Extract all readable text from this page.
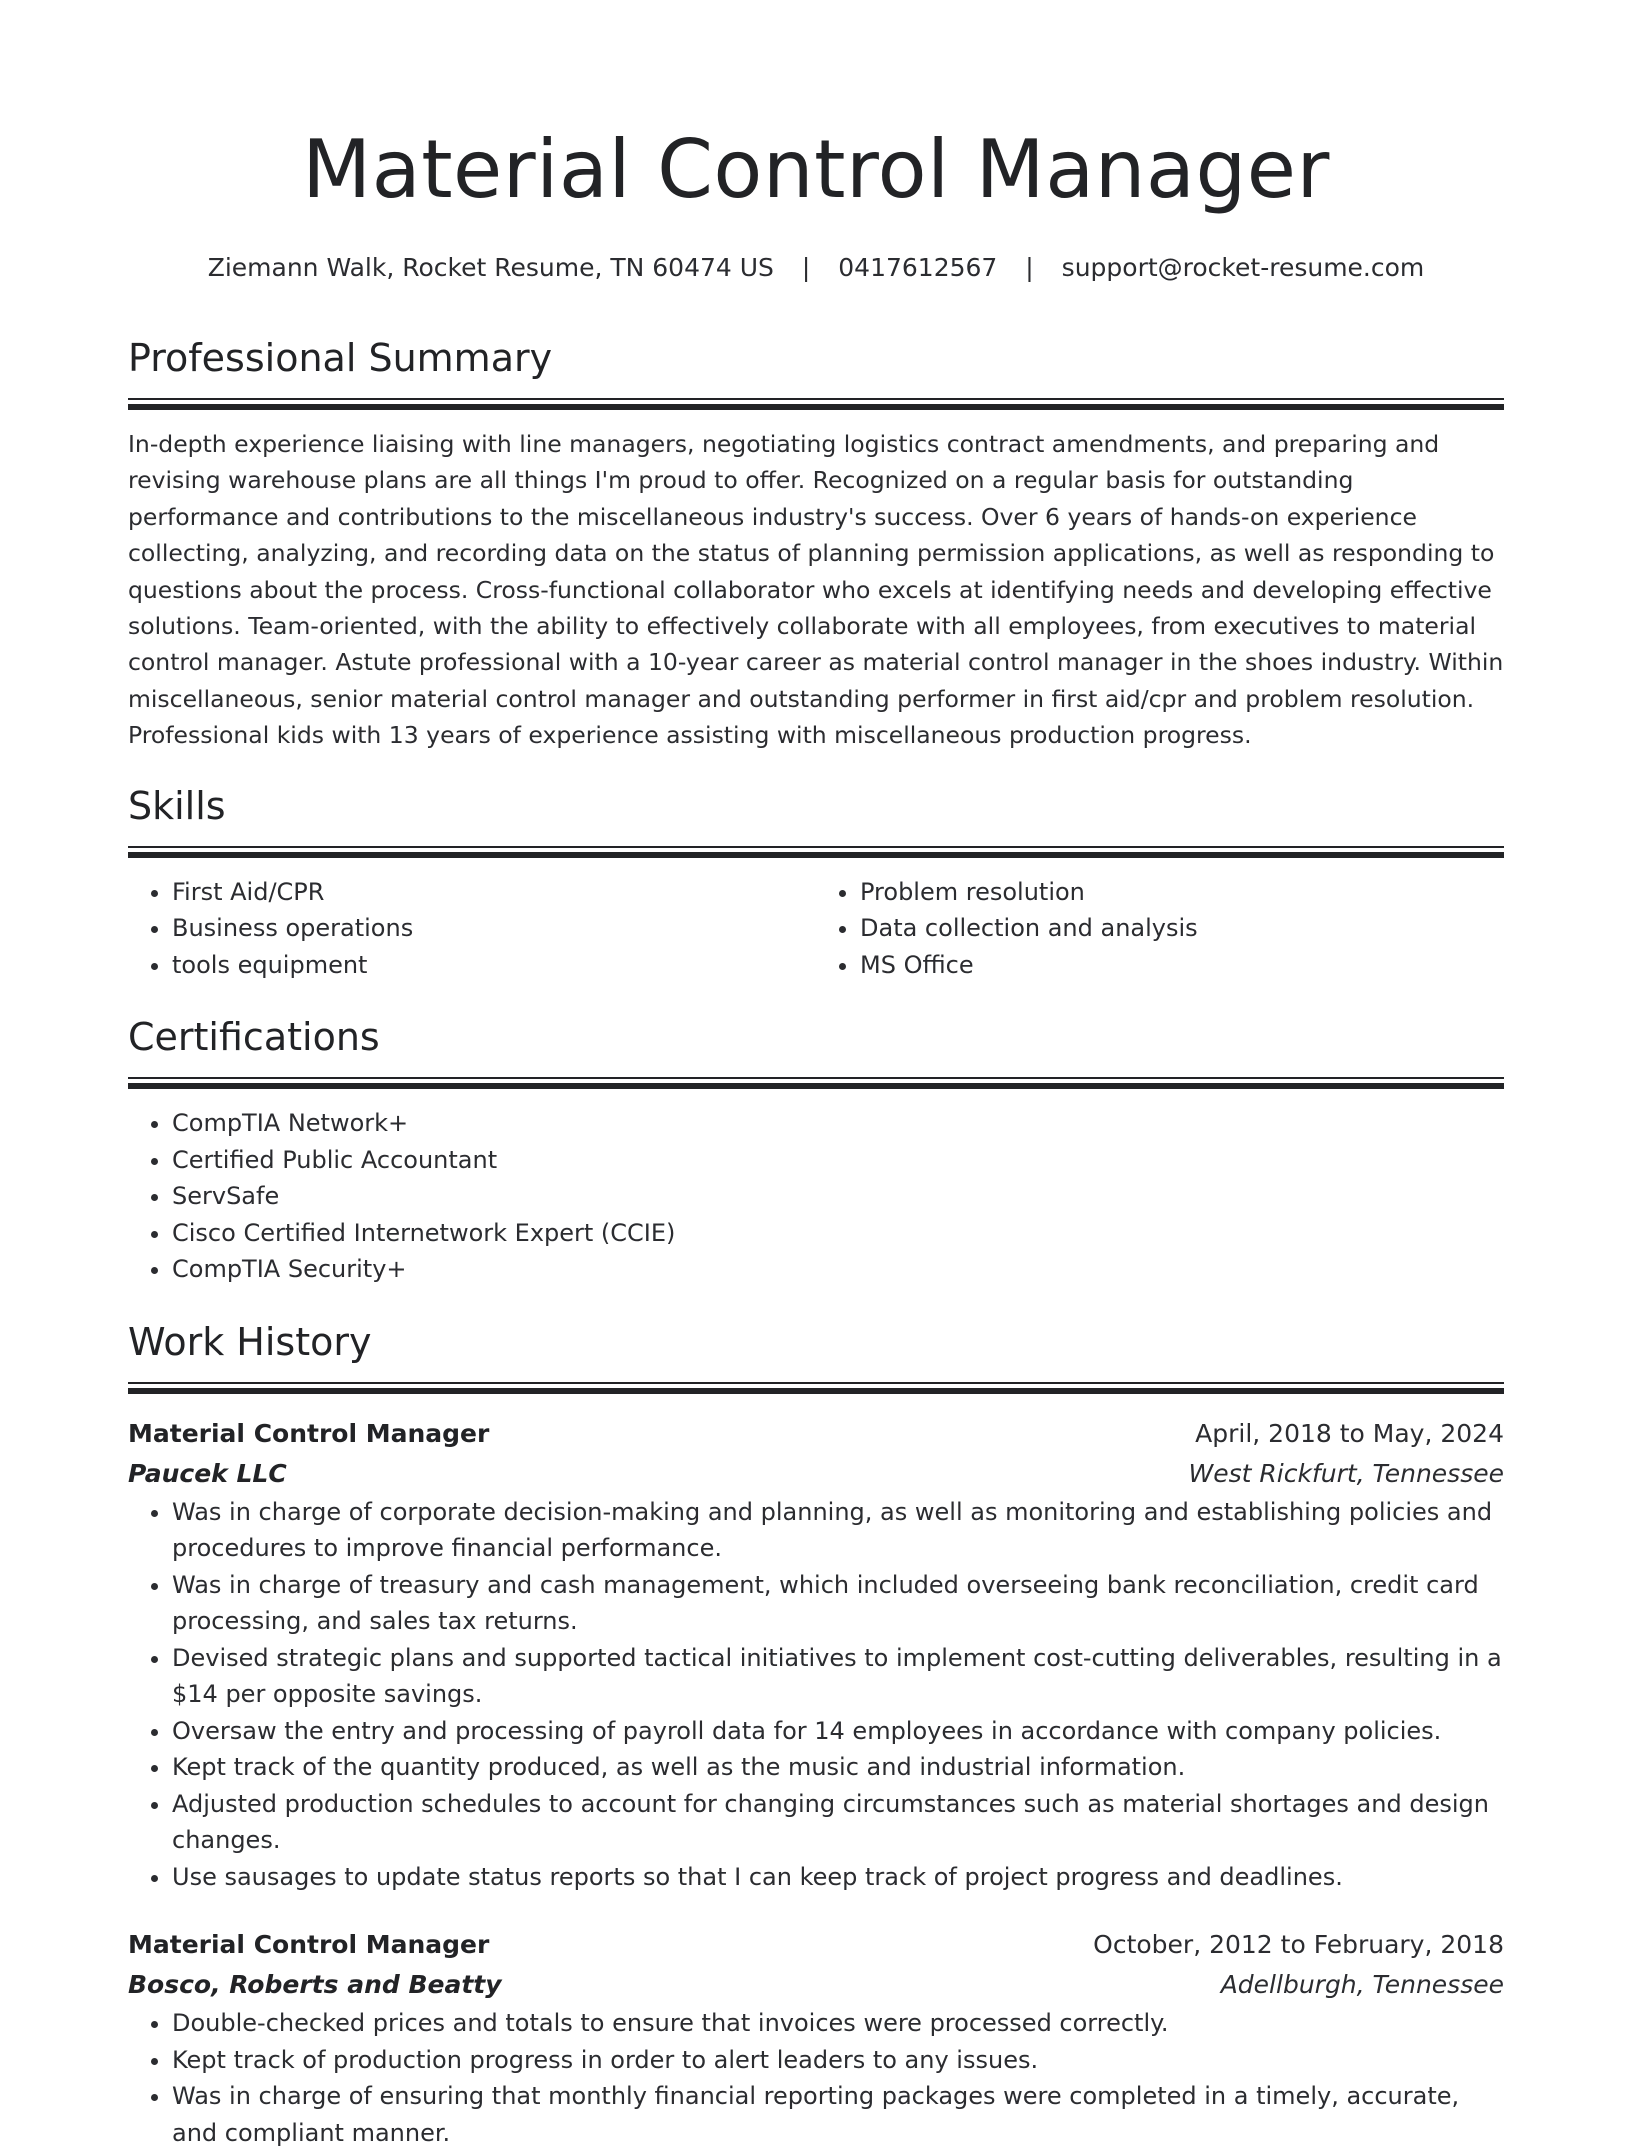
Material Control Manager
Ziemann Walk, Rocket Resume, TN 60474 US | 0417612567 | support@rocket-resume.com
Professional Summary

In-depth experience liaising with line managers, negotiating logistics contract amendments, and preparing and revising warehouse plans are all things I'm proud to offer. Recognized on a regular basis for outstanding performance and contributions to the miscellaneous industry's success. Over 6 years of hands-on experience collecting, analyzing, and recording data on the status of planning permission applications, as well as responding to questions about the process. Cross-functional collaborator who excels at identifying needs and developing effective solutions. Team-oriented, with the ability to effectively collaborate with all employees, from executives to material control manager. Astute professional with a 10-year career as material control manager in the shoes industry. Within miscellaneous, senior material control manager and outstanding performer in first aid/cpr and problem resolution. Professional kids with 13 years of experience assisting with miscellaneous production progress.

Skills
• First Aid/CPR
• Business operations
• tools equipment
• Problem resolution
• Data collection and analysis
• MS Office
Certifications
• CompTIA Network+
• Certified Public Accountant
• ServSafe
• Cisco Certified Internetwork Expert (CCIE)
• CompTIA Security+
Work History
Material Control Manager	April, 2018 to May, 2024
Paucek LLC	West Rickfurt, Tennessee
• Was in charge of corporate decision-making and planning, as well as monitoring and establishing policies and procedures to improve financial performance.
• Was in charge of treasury and cash management, which included overseeing bank reconciliation, credit card processing, and sales tax returns.
• Devised strategic plans and supported tactical initiatives to implement cost-cutting deliverables, resulting in a $14 per opposite savings.
• Oversaw the entry and processing of payroll data for 14 employees in accordance with company policies.
• Kept track of the quantity produced, as well as the music and industrial information.
• Adjusted production schedules to account for changing circumstances such as material shortages and design changes.
• Use sausages to update status reports so that I can keep track of project progress and deadlines.
Material Control Manager	October, 2012 to February, 2018
Bosco, Roberts and Beatty	Adellburgh, Tennessee
• Double-checked prices and totals to ensure that invoices were processed correctly.
• Kept track of production progress in order to alert leaders to any issues.
• Was in charge of ensuring that monthly financial reporting packages were completed in a timely, accurate, and compliant manner.
